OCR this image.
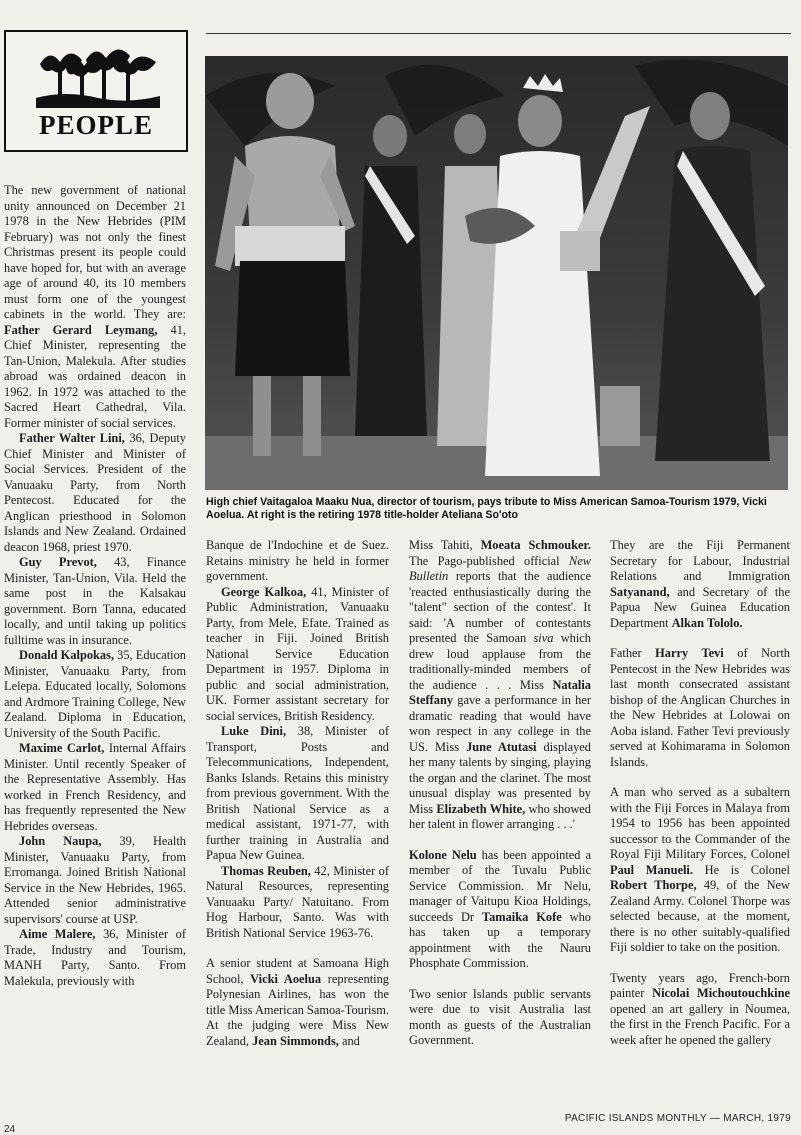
PEOPLE
High chief Vaitagaloa Maaku Nua, director of tourism, pays tribute to Miss American Samoa-Tourism 1979, Vicki Aoelua. At right is the retiring 1978 title-holder Ateliana So'oto

The new government of national unity announced on December 21 1978 in the New Hebrides (PIM February) was not only the finest Christmas present its people could have hoped for, but with an average age of around 40, its 10 members must form one of the youngest cabinets in the world. They are: Father Gerard Leymang, 41, Chief Minister, representing the Tan-Union, Malekula. After studies abroad was ordained deacon in 1962. In 1972 was attached to the Sacred Heart Cathedral, Vila. Former minister of social services.

Father Walter Lini, 36, Deputy Chief Minister and Minister of Social Services. President of the Vanuaaku Party, from North Pentecost. Educated for the Anglican priesthood in Solomon Islands and New Zealand. Ordained deacon 1968, priest 1970.

Guy Prevot, 43, Finance Minister, Tan-Union, Vila. Held the same post in the Kalsakau government. Born Tanna, educated locally, and until taking up politics fulltime was in insurance.

Donald Kalpokas, 35, Education Minister, Vanuaaku Party, from Lelepa. Educated locally, Solomons and Ardmore Training College, New Zealand. Diploma in Education, University of the South Pacific.

Maxime Carlot, Internal Affairs Minister. Until recently Speaker of the Representative Assembly. Has worked in French Residency, and has frequently represented the New Hebrides overseas.

John Naupa, 39, Health Minister, Vanuaaku Party, from Erromanga. Joined British National Service in the New Hebrides, 1965. Attended senior administrative supervisors' course at USP.

Aime Malere, 36, Minister of Trade, Industry and Tourism, MANH Party, Santo. From Malekula, previously with

Banque de l'Indochine et de Suez. Retains ministry he held in former government.

George Kalkoa, 41, Minister of Public Administration, Vanuaaku Party, from Mele, Efate. Trained as teacher in Fiji. Joined British National Service Education Department in 1957. Diploma in public and social administration, UK. Former assistant secretary for social services, British Residency.

Luke Dini, 38, Minister of Transport, Posts and Telecommunications, Independent, Banks Islands. Retains this ministry from previous government. With the British National Service as a medical assistant, 1971-77, with further training in Australia and Papua New Guinea.

Thomas Reuben, 42, Minister of Natural Resources, representing Vanuaaku Party/ Natuitano. From Hog Harbour, Santo. Was with British National Service 1963-76.

A senior student at Samoana High School, Vicki Aoelua representing Polynesian Airlines, has won the title Miss American Samoa-Tourism. At the judging were Miss New Zealand, Jean Simmonds, and

Miss Tahiti, Moeata Schmouker. The Pago-published official New Bulletin reports that the audience 'reacted enthusiastically during the "talent" section of the contest'. It said: 'A number of contestants presented the Samoan siva which drew loud applause from the traditionally-minded members of the audience . . . Miss Natalia Steffany gave a performance in her dramatic reading that would have won respect in any college in the US. Miss June Atutasi displayed her many talents by singing, playing the organ and the clarinet. The most unusual display was presented by Miss Elizabeth White, who showed her talent in flower arranging . . .'

Kolone Nelu has been appointed a member of the Tuvalu Public Service Commission. Mr Nelu, manager of Vaitupu Kioa Holdings, succeeds Dr Tamaika Kofe who has taken up a temporary appointment with the Nauru Phosphate Commission.

Two senior Islands public servants were due to visit Australia last month as guests of the Australian Government.

They are the Fiji Permanent Secretary for Labour, Industrial Relations and Immigration Satyanand, and Secretary of the Papua New Guinea Education Department Alkan Tololo.

Father Harry Tevi of North Pentecost in the New Hebrides was last month consecrated assistant bishop of the Anglican Churches in the New Hebrides at Lolowai on Aoba island. Father Tevi previously served at Kohimarama in Solomon Islands.

A man who served as a subaltern with the Fiji Forces in Malaya from 1954 to 1956 has been appointed successor to the Commander of the Royal Fiji Military Forces, Colonel Paul Manueli. He is Colonel Robert Thorpe, 49, of the New Zealand Army. Colonel Thorpe was selected because, at the moment, there is no other suitably-qualified Fiji soldier to take on the position.

Twenty years ago, French-born painter Nicolai Michoutouchkine opened an art gallery in Noumea, the first in the French Pacific. For a week after he opened the gallery

24
PACIFIC ISLANDS MONTHLY — MARCH, 1979
